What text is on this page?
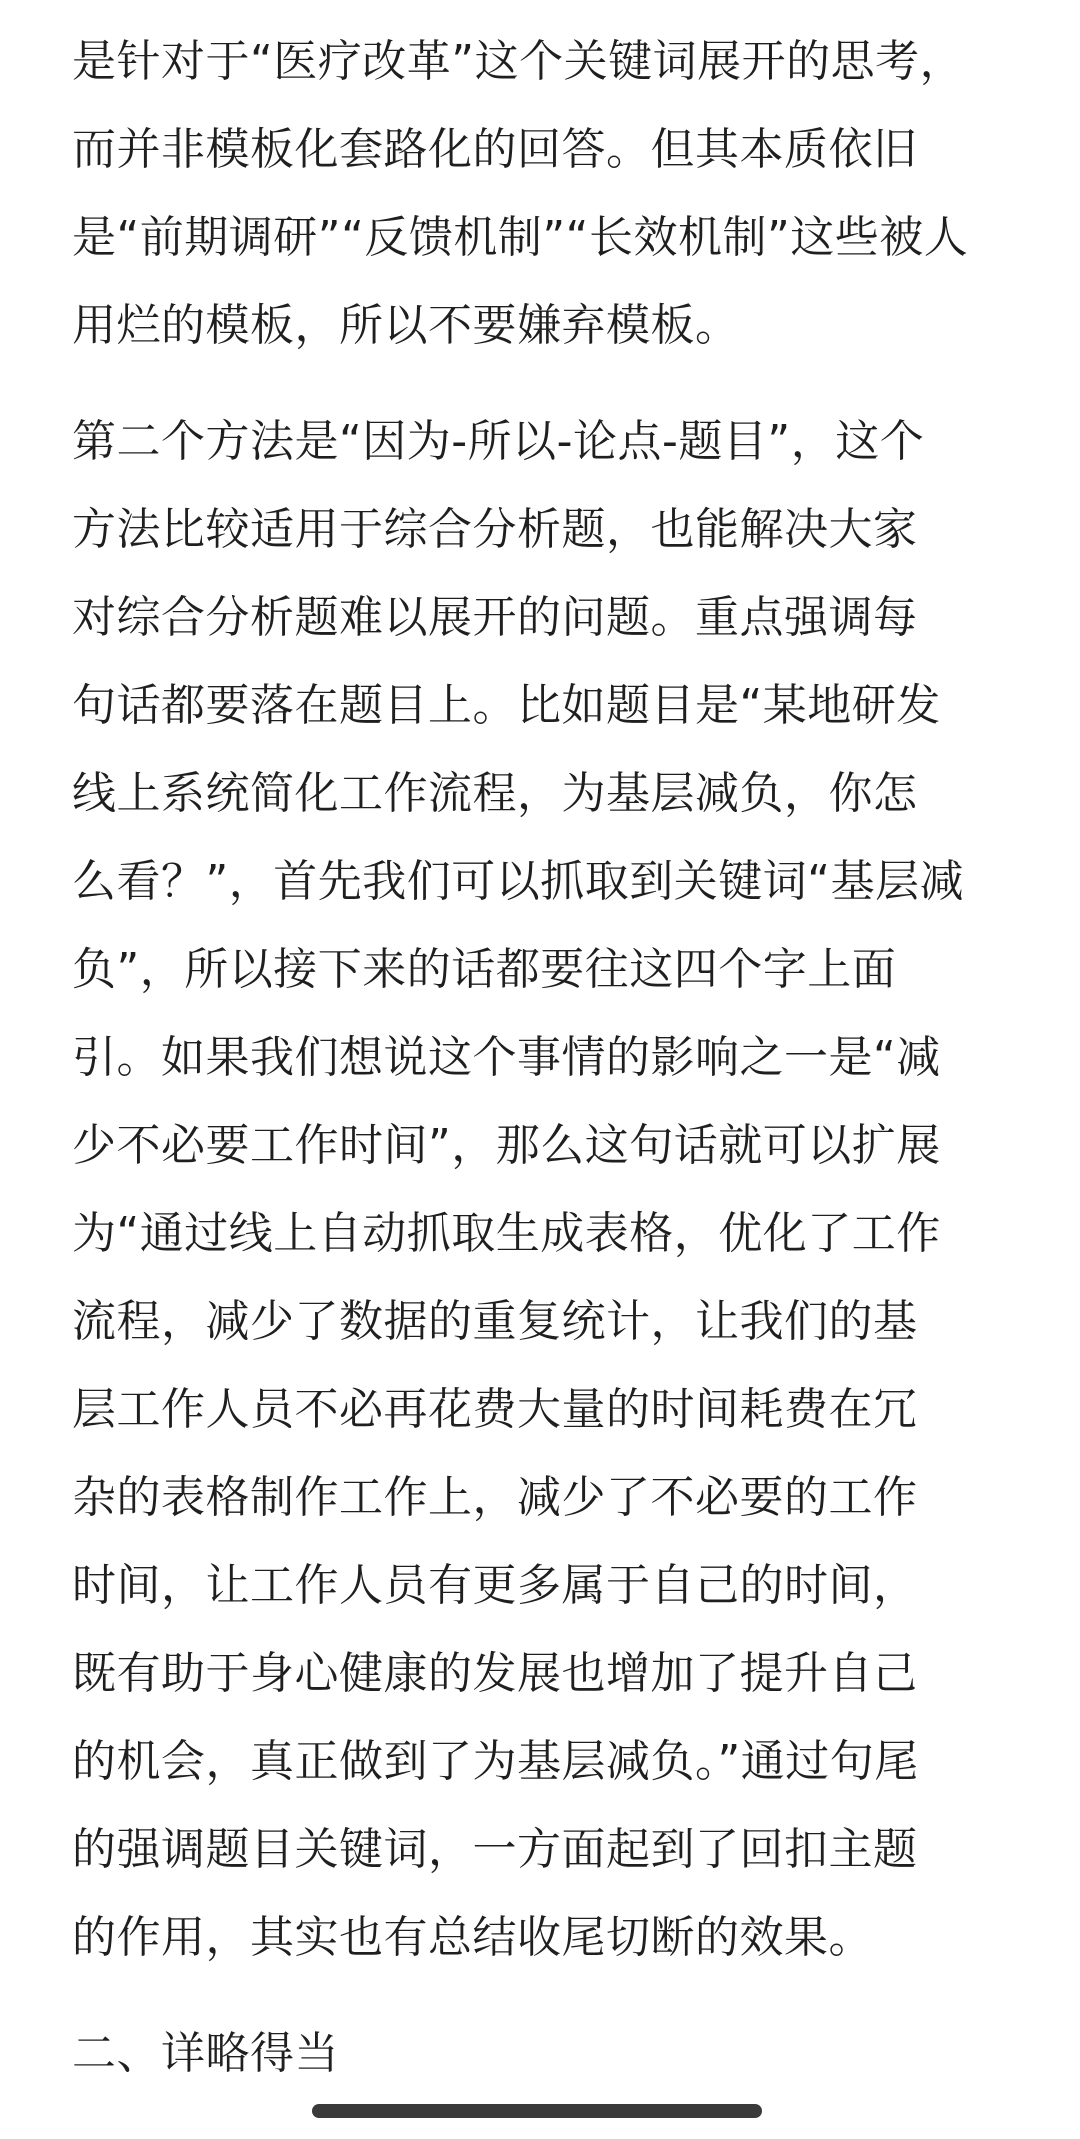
是针对于“医疗改革”这个关键词展开的思考，
而并非模板化套路化的回答。但其本质依旧
是“前期调研”“反馈机制”“长效机制”这些被人
用烂的模板，所以不要嫌弃模板。

第二个方法是“因为-所以-论点-题目”，这个
方法比较适用于综合分析题，也能解决大家
对综合分析题难以展开的问题。重点强调每
句话都要落在题目上。比如题目是“某地研发
线上系统简化工作流程，为基层减负，你怎
么看？”，首先我们可以抓取到关键词“基层减
负”，所以接下来的话都要往这四个字上面
引。如果我们想说这个事情的影响之一是“减
少不必要工作时间”，那么这句话就可以扩展
为“通过线上自动抓取生成表格，优化了工作
流程，减少了数据的重复统计，让我们的基
层工作人员不必再花费大量的时间耗费在冗
杂的表格制作工作上，减少了不必要的工作
时间，让工作人员有更多属于自己的时间，
既有助于身心健康的发展也增加了提升自己
的机会，真正做到了为基层减负。”通过句尾
的强调题目关键词，一方面起到了回扣主题
的作用，其实也有总结收尾切断的效果。

二、详略得当
